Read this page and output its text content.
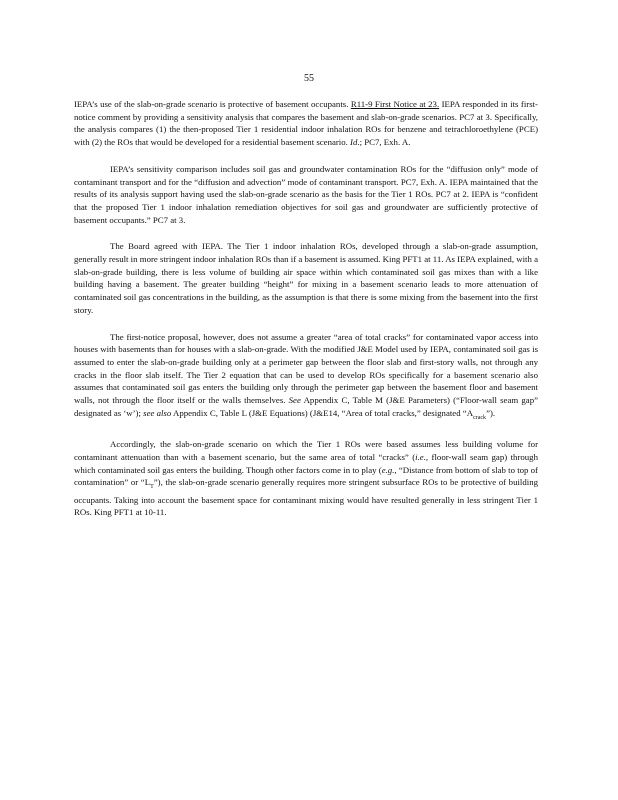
55

IEPA’s use of the slab-on-grade scenario is protective of basement occupants. R11-9 First Notice at 23. IEPA responded in its first-notice comment by providing a sensitivity analysis that compares the basement and slab-on-grade scenarios. PC7 at 3. Specifically, the analysis compares (1) the then-proposed Tier 1 residential indoor inhalation ROs for benzene and tetrachloroethylene (PCE) with (2) the ROs that would be developed for a residential basement scenario. Id.; PC7, Exh. A.

IEPA’s sensitivity comparison includes soil gas and groundwater contamination ROs for the “diffusion only” mode of contaminant transport and for the “diffusion and advection” mode of contaminant transport. PC7, Exh. A. IEPA maintained that the results of its analysis support having used the slab-on-grade scenario as the basis for the Tier 1 ROs. PC7 at 2. IEPA is “confident that the proposed Tier 1 indoor inhalation remediation objectives for soil gas and groundwater are sufficiently protective of basement occupants.” PC7 at 3.

The Board agreed with IEPA. The Tier 1 indoor inhalation ROs, developed through a slab-on-grade assumption, generally result in more stringent indoor inhalation ROs than if a basement is assumed. King PFT1 at 11. As IEPA explained, with a slab-on-grade building, there is less volume of building air space within which contaminated soil gas mixes than with a like building having a basement. The greater building “height” for mixing in a basement scenario leads to more attenuation of contaminated soil gas concentrations in the building, as the assumption is that there is some mixing from the basement into the first story.

The first-notice proposal, however, does not assume a greater “area of total cracks” for contaminated vapor access into houses with basements than for houses with a slab-on-grade. With the modified J&E Model used by IEPA, contaminated soil gas is assumed to enter the slab-on-grade building only at a perimeter gap between the floor slab and first-story walls, not through any cracks in the floor slab itself. The Tier 2 equation that can be used to develop ROs specifically for a basement scenario also assumes that contaminated soil gas enters the building only through the perimeter gap between the basement floor and basement walls, not through the floor itself or the walls themselves. See Appendix C, Table M (J&E Parameters) (“Floor-wall seam gap” designated as ‘w’); see also Appendix C, Table L (J&E Equations) (J&E14, “Area of total cracks,” designated “$A_{crack}$”).

Accordingly, the slab-on-grade scenario on which the Tier 1 ROs were based assumes less building volume for contaminant attenuation than with a basement scenario, but the same area of total “cracks” (i.e., floor-wall seam gap) through which contaminated soil gas enters the building. Though other factors come in to play (e.g., “Distance from bottom of slab to top of contamination” or “$L_T$”), the slab-on-grade scenario generally requires more stringent subsurface ROs to be protective of building occupants. Taking into account the basement space for contaminant mixing would have resulted generally in less stringent Tier 1 ROs. King PFT1 at 10-11.
